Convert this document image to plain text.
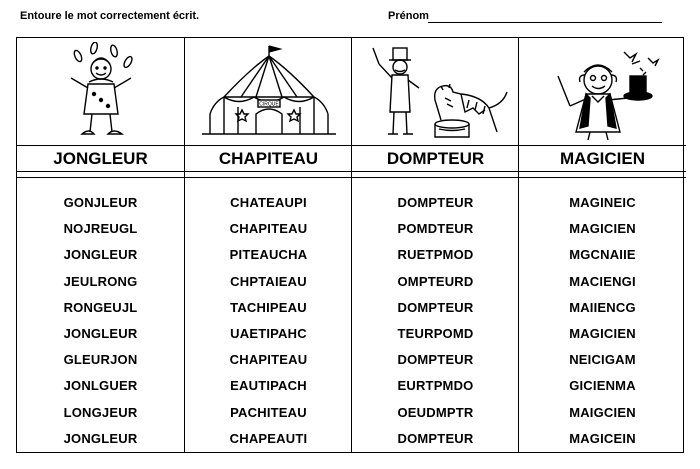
Entoure le mot correctement écrit.	Prénom
JONGLEUR
GONJLEUR
NOJREUGL
JONGLEUR
JEULRONG
RONGEUJL
JONGLEUR
GLEURJON
JONLGUER
LONGJEUR
JONGLEUR
CIRQUE
CHAPITEAU
CHATEAUPI
CHAPITEAU
PITEAUCHA
CHPTAIEAU
TACHIPEAU
UAETIPAHC
CHAPITEAU
EAUTIPACH
PACHITEAU
CHAPEAUTI
DOMPTEUR
DOMPTEUR
POMDTEUR
RUETPMOD
OMPTEURD
DOMPTEUR
TEURPOMD
DOMPTEUR
EURTPMDO
OEUDMPTR
DOMPTEUR
MAGICIEN
MAGINEIC
MAGICIEN
MGCNAIIE
MACIENGI
MAIIENCG
MAGICIEN
NEICIGAM
GICIENMA
MAIGCIEN
MAGICEIN
